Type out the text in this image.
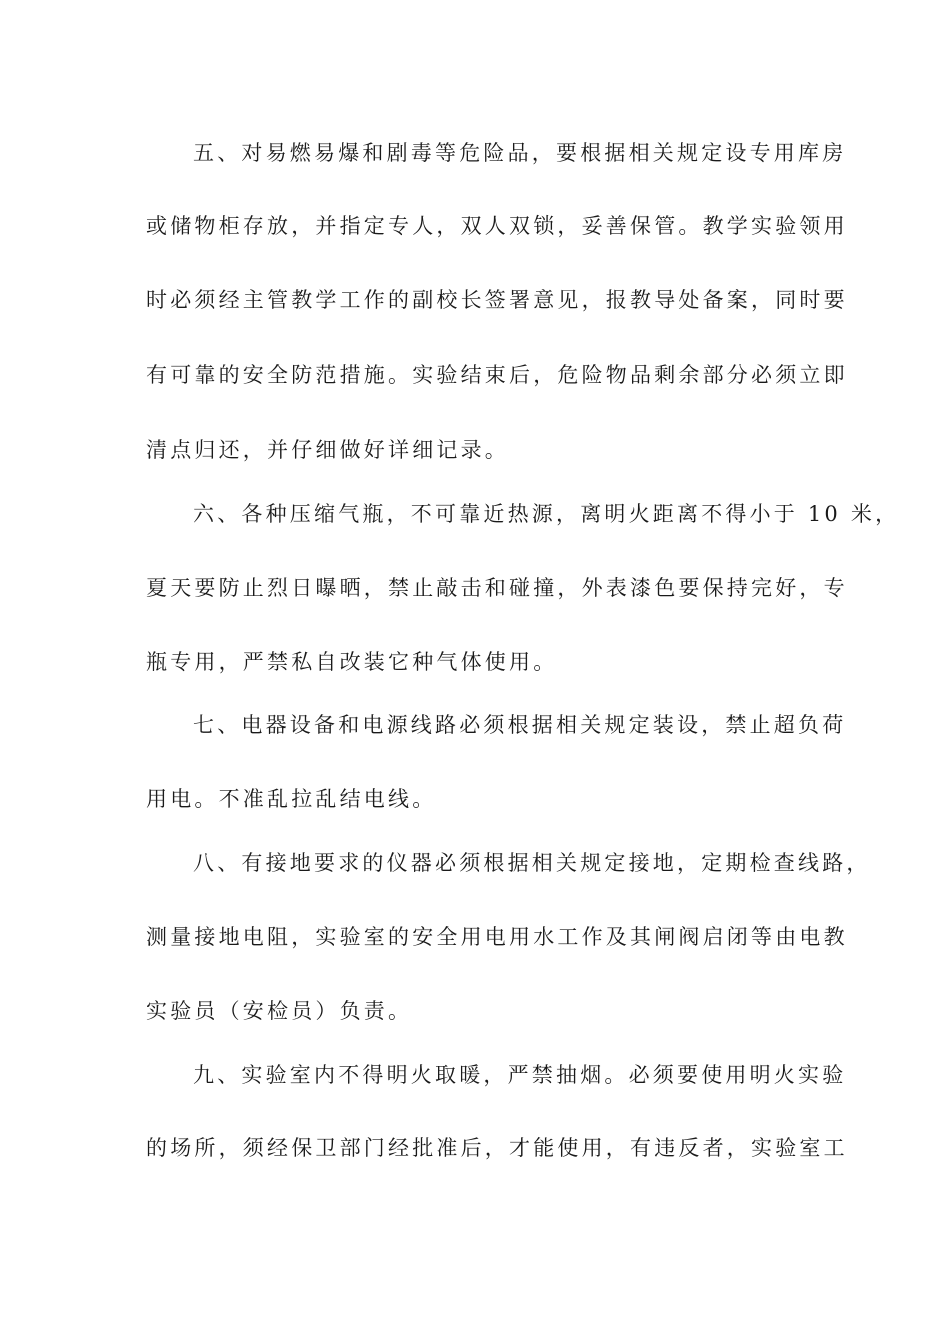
五、对易燃易爆和剧毒等危险品，要根据相关规定设专用库房
或储物柜存放，并指定专人，双人双锁，妥善保管。教学实验领用
时必须经主管教学工作的副校长签署意见，报教导处备案，同时要
有可靠的安全防范措施。实验结束后，危险物品剩余部分必须立即
清点归还，并仔细做好详细记录。
六、各种压缩气瓶，不可靠近热源，离明火距离不得小于 10 米，
夏天要防止烈日曝晒，禁止敲击和碰撞，外表漆色要保持完好，专
瓶专用，严禁私自改装它种气体使用。
七、电器设备和电源线路必须根据相关规定装设，禁止超负荷
用电。不准乱拉乱结电线。
八、有接地要求的仪器必须根据相关规定接地，定期检查线路，
测量接地电阻，实验室的安全用电用水工作及其闸阀启闭等由电教
实验员（安检员）负责。
九、实验室内不得明火取暖，严禁抽烟。必须要使用明火实验
的场所，须经保卫部门经批准后，才能使用，有违反者，实验室工
